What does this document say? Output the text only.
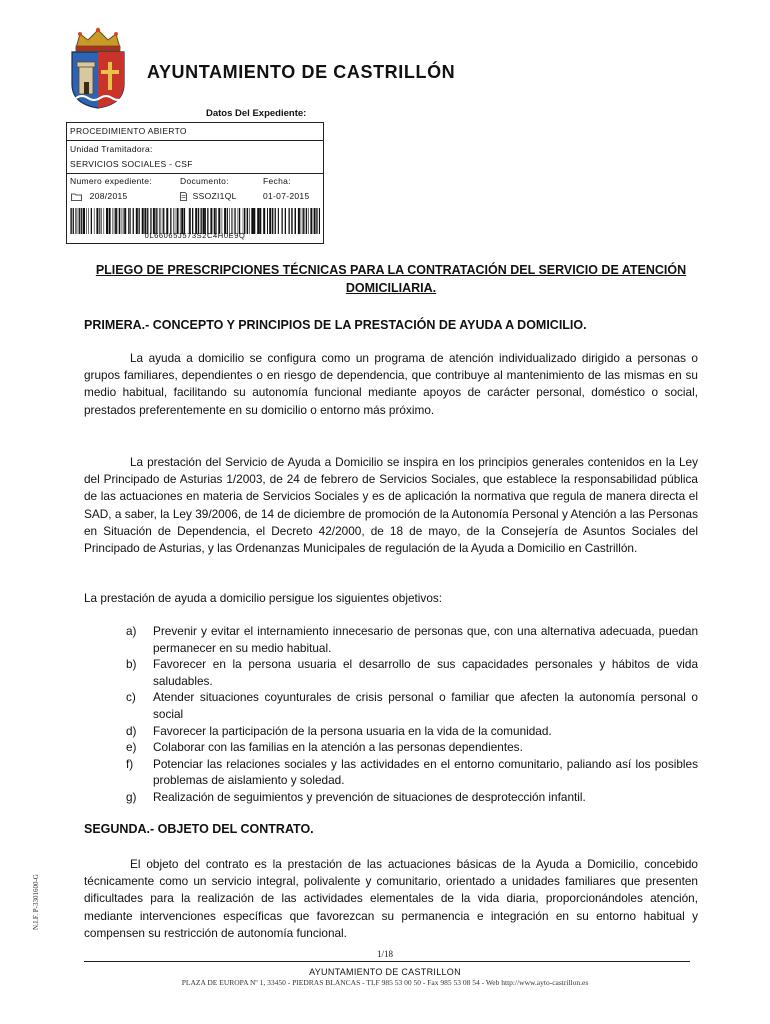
AYUNTAMIENTO DE CASTRILLÓN
Datos Del Expediente:
PROCEDIMIENTO ABIERTO
Unidad Tramitadora:
SERVICIOS SOCIALES - CSF
Numero expediente:	Documento:	Fecha:
208/2015	SSOZI1QL	01-07-2015
0L66065J573S2C4H0E9Q
PLIEGO DE PRESCRIPCIONES TÉCNICAS PARA LA CONTRATACIÓN DEL SERVICIO DE ATENCIÓN DOMICILIARIA.
PRIMERA.- CONCEPTO Y PRINCIPIOS DE LA PRESTACIÓN DE AYUDA A DOMICILIO.

La ayuda a domicilio se configura como un programa de atención individualizado dirigido a personas o grupos familiares, dependientes o en riesgo de dependencia, que contribuye al mantenimiento de las mismas en su medio habitual, facilitando su autonomía funcional mediante apoyos de carácter personal, doméstico o social, prestados preferentemente en su domicilio o entorno más próximo.

La prestación del Servicio de Ayuda a Domicilio se inspira en los principios generales contenidos en la Ley del Principado de Asturias 1/2003, de 24 de febrero de Servicios Sociales, que establece la responsabilidad pública de las actuaciones en materia de Servicios Sociales y es de aplicación la normativa que regula de manera directa el SAD, a saber, la Ley 39/2006, de 14 de diciembre de promoción de la Autonomía Personal y Atención a las Personas en Situación de Dependencia, el Decreto 42/2000, de 18 de mayo, de la Consejería de Asuntos Sociales del Principado de Asturias, y las Ordenanzas Municipales de regulación de la Ayuda a Domicilio en Castrillón.

La prestación de ayuda a domicilio persigue los siguientes objetivos:

a) Prevenir y evitar el internamiento innecesario de personas que, con una alternativa adecuada, puedan permanecer en su medio habitual.
b) Favorecer en la persona usuaria el desarrollo de sus capacidades personales y hábitos de vida saludables.
c) Atender situaciones coyunturales de crisis personal o familiar que afecten la autonomía personal o social
d) Favorecer la participación de la persona usuaria en la vida de la comunidad.
e) Colaborar con las familias en la atención a las personas dependientes.
f) Potenciar las relaciones sociales y las actividades en el entorno comunitario, paliando así los posibles problemas de aislamiento y soledad.
g) Realización de seguimientos y prevención de situaciones de desprotección infantil.
SEGUNDA.- OBJETO DEL CONTRATO.

El objeto del contrato es la prestación de las actuaciones básicas de la Ayuda a Domicilio, concebido técnicamente como un servicio integral, polivalente y comunitario, orientado a unidades familiares que presenten dificultades para la realización de las actividades elementales de la vida diaria, proporcionándoles atención, mediante intervenciones específicas que favorezcan su permanencia e integración en su entorno habitual y compensen su restricción de autonomía funcional.

N.I.F. P-3301600-G
1/18
AYUNTAMIENTO DE CASTRILLON
PLAZA DE EUROPA Nº 1, 33450 - PIEDRAS BLANCAS - TLF 985 53 00 50 - Fax 985 53 08 54 - Web http://www.ayto-castrillon.es
